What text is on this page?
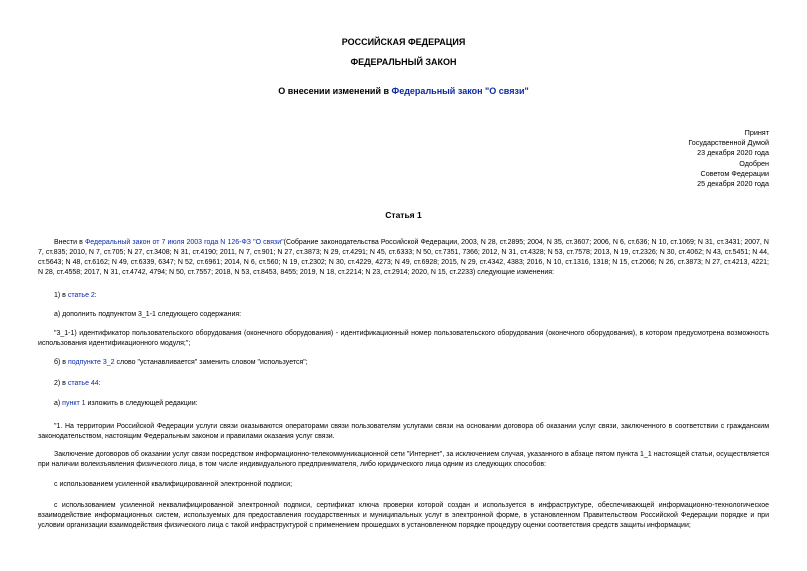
РОССИЙСКАЯ ФЕДЕРАЦИЯ
ФЕДЕРАЛЬНЫЙ ЗАКОН
О внесении изменений в Федеральный закон "О связи"
Принят
Государственной Думой
23 декабря 2020 года
Одобрен
Советом Федерации
25 декабря 2020 года
Статья 1
Внести в Федеральный закон от 7 июля 2003 года N 126-ФЗ "О связи"(Собрание законодательства Российской Федерации, 2003, N 28, ст.2895; 2004, N 35, ст.3607; 2006, N 6, ст.636; N 10, ст.1069; N 31, ст.3431; 2007, N 7, ст.835; 2010, N 7, ст.705; N 27, ст.3408; N 31, ст.4190; 2011, N 7, ст.901; N 27, ст.3873; N 29, ст.4291; N 45, ст.6333; N 50, ст.7351, 7366; 2012, N 31, ст.4328; N 53, ст.7578; 2013, N 19, ст.2326; N 30, ст.4062; N 43, ст.5451; N 44, ст.5643; N 48, ст.6162; N 49, ст.6339, 6347; N 52, ст.6961; 2014, N 6, ст.560; N 19, ст.2302; N 30, ст.4229, 4273; N 49, ст.6928; 2015, N 29, ст.4342, 4383; 2016, N 10, ст.1316, 1318; N 15, ст.2066; N 26, ст.3873; N 27, ст.4213, 4221; N 28, ст.4558; 2017, N 31, ст.4742, 4794; N 50, ст.7557; 2018, N 53, ст.8453, 8455; 2019, N 18, ст.2214; N 23, ст.2914; 2020, N 15, ст.2233) следующие изменения:
1) в статье 2:
а) дополнить подпунктом 3_1-1 следующего содержания:
"3_1-1) идентификатор пользовательского оборудования (оконечного оборудования) - идентификационный номер пользовательского оборудования (оконечного оборудования), в котором предусмотрена возможность использования идентификационного модуля;";
б) в подпункте 3_2 слово "устанавливается" заменить словом "используется";
2) в статье 44:
а) пункт 1 изложить в следующей редакции:
"1. На территории Российской Федерации услуги связи оказываются операторами связи пользователям услугами связи на основании договора об оказании услуг связи, заключенного в соответствии с гражданским законодательством, настоящим Федеральным законом и правилами оказания услуг связи.
Заключение договоров об оказании услуг связи посредством информационно-телекоммуникационной сети "Интернет", за исключением случая, указанного в абзаце пятом пункта 1_1 настоящей статьи, осуществляется при наличии волеизъявления физического лица, в том числе индивидуального предпринимателя, либо юридического лица одним из следующих способов:
с использованием усиленной квалифицированной электронной подписи;
с использованием усиленной неквалифицированной электронной подписи, сертификат ключа проверки которой создан и используется в инфраструктуре, обеспечивающей информационно-технологическое взаимодействие информационных систем, используемых для предоставления государственных и муниципальных услуг в электронной форме, в установленном Правительством Российской Федерации порядке и при условии организации взаимодействия физического лица с такой инфраструктурой с применением прошедших в установленном порядке процедуру оценки соответствия средств защиты информации;
